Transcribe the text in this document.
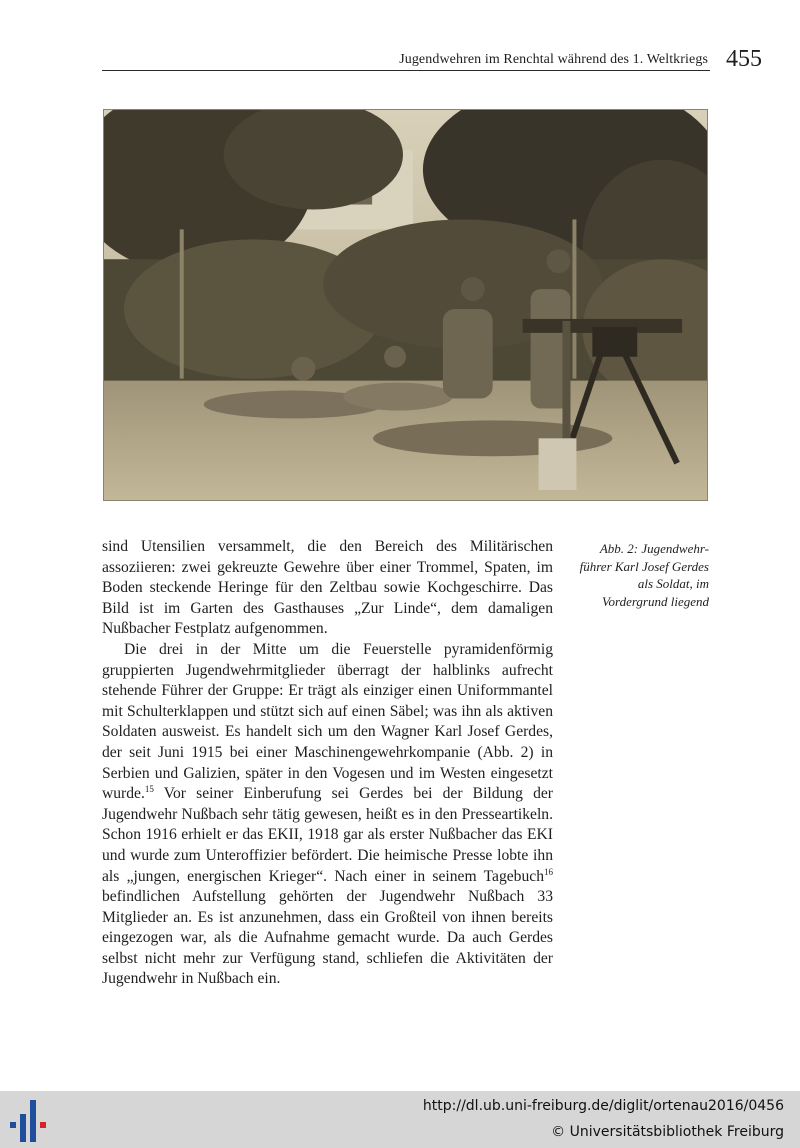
Jugendwehren im Renchtal während des 1. Weltkriegs 455
Abb. 2: Jugendwehr-führer Karl Josef Gerdes als Soldat, im Vordergrund liegend

sind Utensilien versammelt, die den Bereich des Militärischen assoziieren: zwei gekreuzte Gewehre über einer Trommel, Spaten, im Boden steckende Heringe für den Zeltbau sowie Kochgeschirre. Das Bild ist im Garten des Gasthauses „Zur Linde“, dem damaligen Nußbacher Festplatz aufgenommen.

Die drei in der Mitte um die Feuerstelle pyramidenförmig gruppierten Jugendwehrmitglieder überragt der halblinks aufrecht stehende Führer der Gruppe: Er trägt als einziger einen Uniformmantel mit Schulterklappen und stützt sich auf einen Säbel; was ihn als aktiven Soldaten ausweist. Es handelt sich um den Wagner Karl Josef Gerdes, der seit Juni 1915 bei einer Maschinengewehrkompanie (Abb. 2) in Serbien und Galizien, später in den Vogesen und im Westen eingesetzt wurde.$^{15}$ Vor seiner Einberufung sei Gerdes bei der Bildung der Jugendwehr Nußbach sehr tätig gewesen, heißt es in den Presseartikeln. Schon 1916 erhielt er das EKII, 1918 gar als erster Nußbacher das EKI und wurde zum Unteroffizier befördert. Die heimische Presse lobte ihn als „jungen, energischen Krieger“. Nach einer in seinem Tagebuch$^{16}$ befindlichen Aufstellung gehörten der Jugendwehr Nußbach 33 Mitglieder an. Es ist anzunehmen, dass ein Großteil von ihnen bereits eingezogen war, als die Aufnahme gemacht wurde. Da auch Gerdes selbst nicht mehr zur Verfügung stand, schliefen die Aktivitäten der Jugendwehr in Nußbach ein.

http://dl.ub.uni-freiburg.de/diglit/ortenau2016/0456
© Universitätsbibliothek Freiburg
